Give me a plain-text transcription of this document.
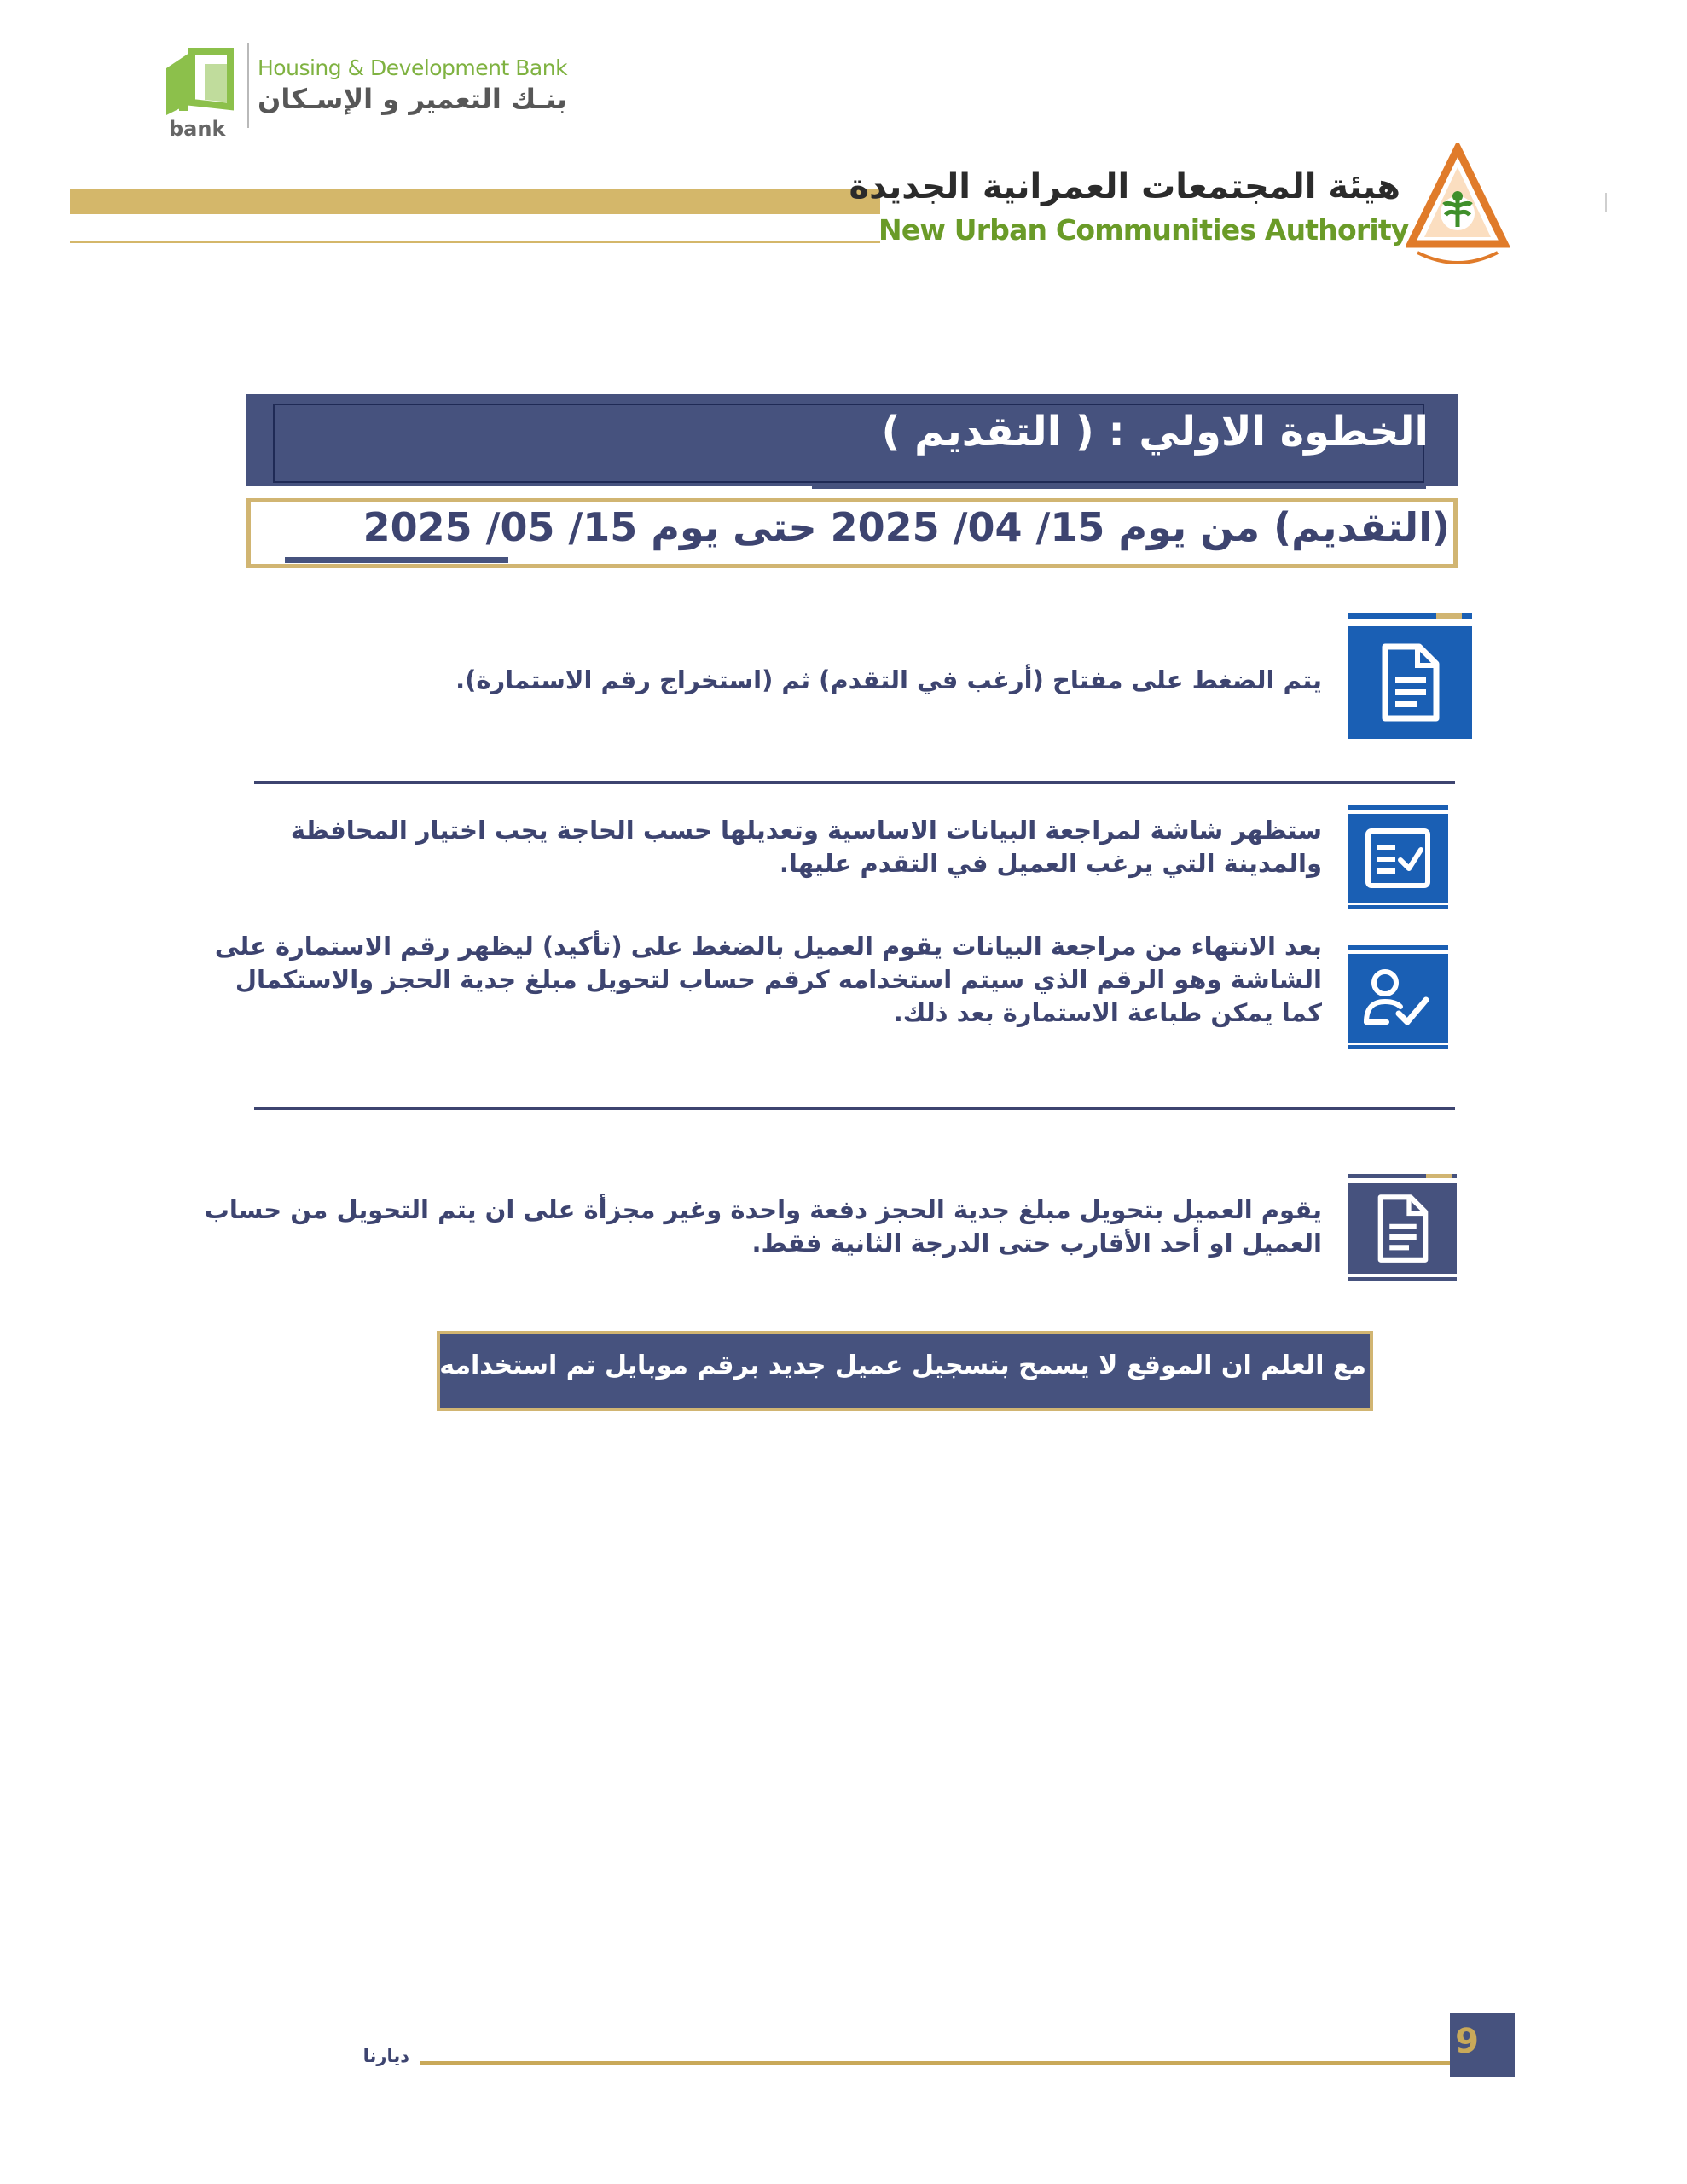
bank
Housing & Development Bank
بنـك التعمير و الإسـكان
هيئة المجتمعات العمرانية الجديدة
New Urban Communities Authority
الخطوة الاولي : ( التقديم )
(التقديم) من يوم 15/ 04/ 2025 حتى يوم 15/ 05/ 2025
يتم الضغط على مفتاح (أرغب في التقدم) ثم (استخراج رقم الاستمارة).
ستظهر شاشة لمراجعة البيانات الاساسية وتعديلها حسب الحاجة يجب اختيار المحافظة
والمدينة التي يرغب العميل في التقدم عليها.
بعد الانتهاء من مراجعة البيانات يقوم العميل بالضغط على (تأكيد) ليظهر رقم الاستمارة على
الشاشة وهو الرقم الذي سيتم استخدامه كرقم حساب لتحويل مبلغ جدية الحجز والاستكمال
كما يمكن طباعة الاستمارة بعد ذلك.
يقوم العميل بتحويل مبلغ جدية الحجز دفعة واحدة وغير مجزأة على ان يتم التحويل من حساب
العميل او أحد الأقارب حتى الدرجة الثانية فقط.
مع العلم ان الموقع لا يسمح بتسجيل عميل جديد برقم موبايل تم استخدامه من قبل
9
ديارنا
